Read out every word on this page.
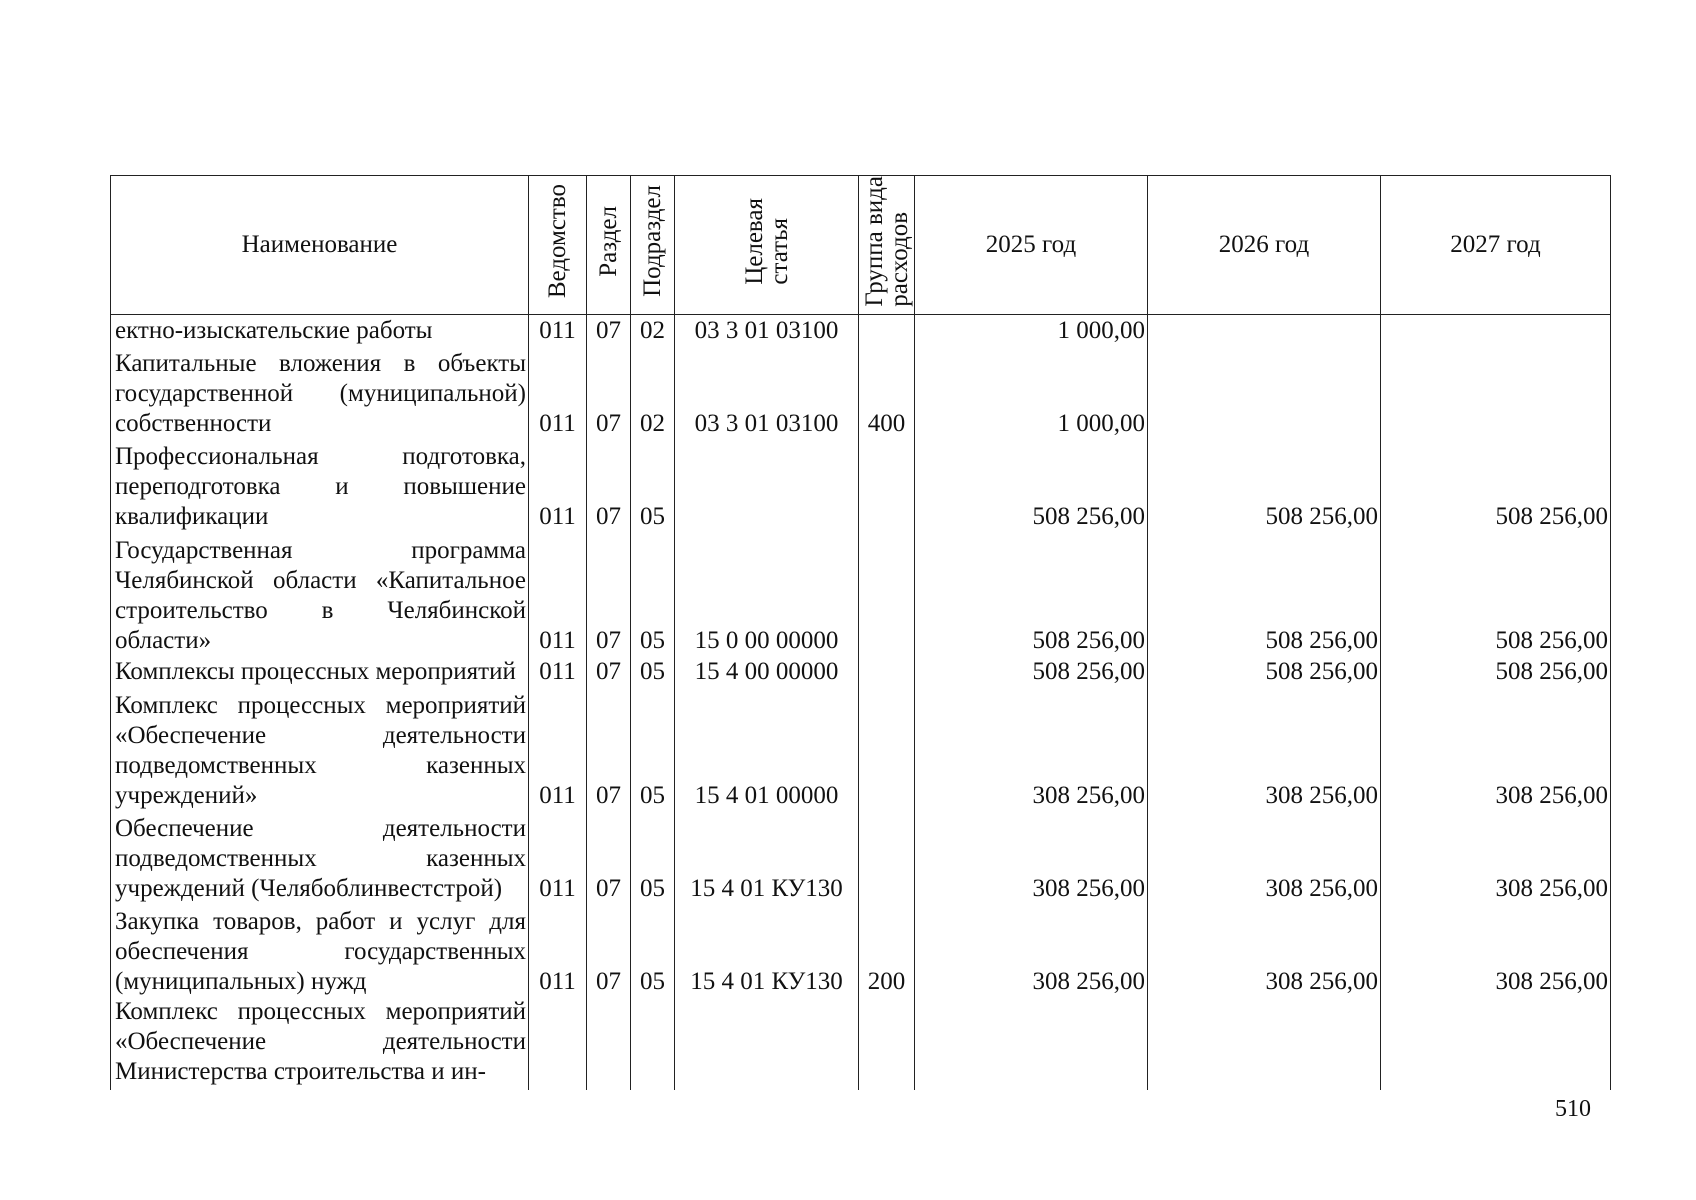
Наименование	Ведомство	Раздел	Подраздел	Целеваястатья	Группа видарасходов	2025 год	2026 год	2027 год
ектно-изыскательские работы	011	07	02	03 3 01 03100		1 000,00		
Капитальные вложения в объекты государственной (муниципальной) собственности	011	07	02	03 3 01 03100	400	1 000,00		
Профессиональная подготовка, переподготовка и повышение квалификации	011	07	05			508 256,00	508 256,00	508 256,00
Государственная программа Челябинской области «Капитальное строительство в Челябинской области»	011	07	05	15 0 00 00000		508 256,00	508 256,00	508 256,00
Комплексы процессных мероприятий	011	07	05	15 4 00 00000		508 256,00	508 256,00	508 256,00
Комплекс процессных мероприятий «Обеспечение деятельности подведомственных казенных учреждений»	011	07	05	15 4 01 00000		308 256,00	308 256,00	308 256,00
Обеспечение деятельности подведомственных казенных учреждений (Челябоблинвестстрой)	011	07	05	15 4 01 КУ130		308 256,00	308 256,00	308 256,00
Закупка товаров, работ и услуг для обеспечения государственных (муниципальных) нужд	011	07	05	15 4 01 КУ130	200	308 256,00	308 256,00	308 256,00
Комплекс процессных мероприятий «Обеспечение деятельности Министерства строительства и ин-								
510
